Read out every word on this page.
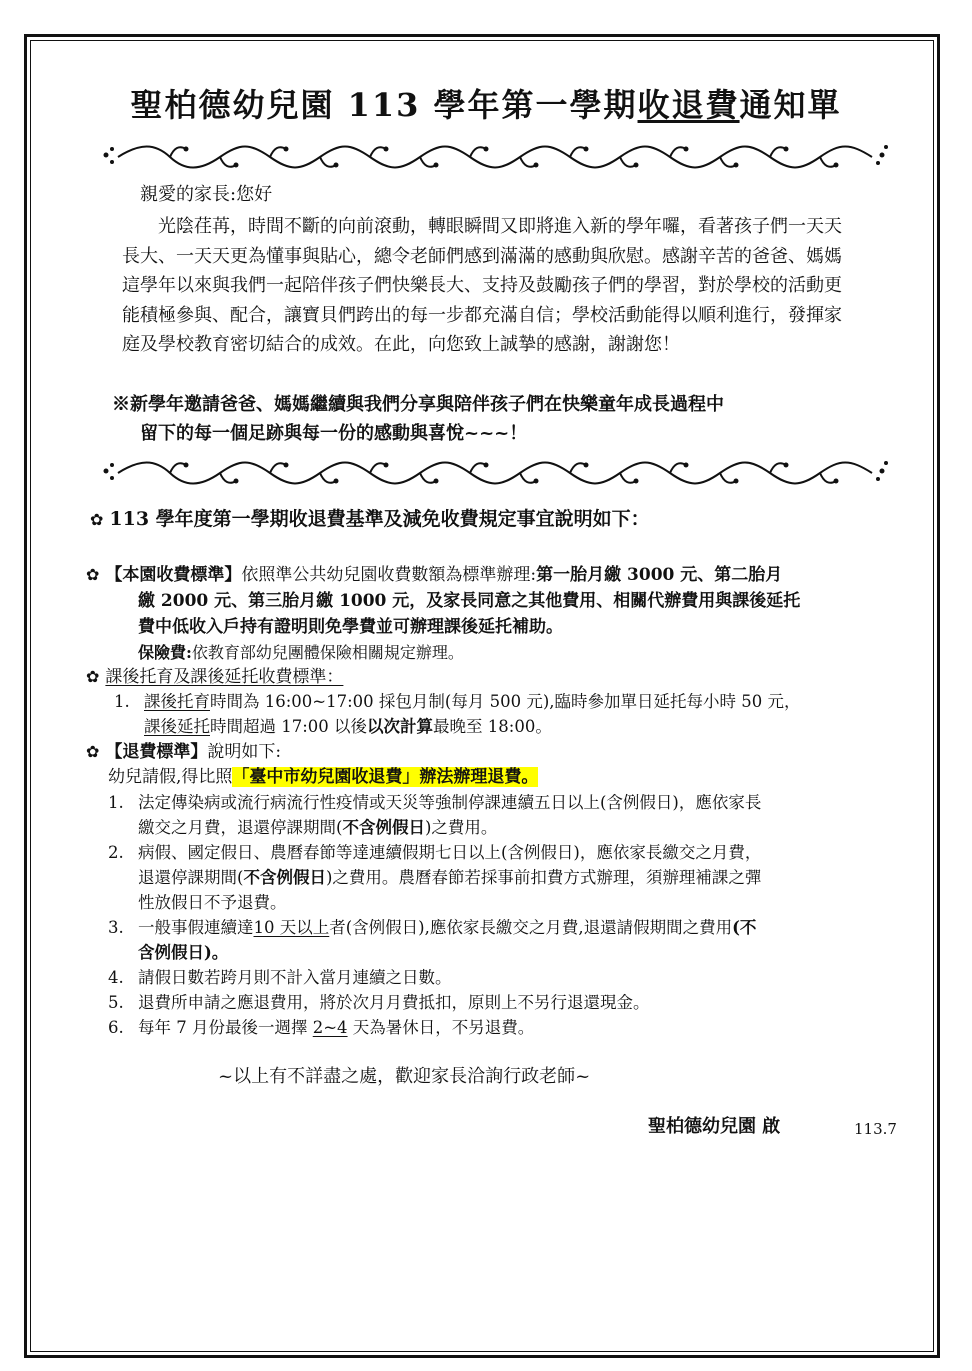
聖柏德幼兒園 113 學年第一學期收退費通知單
親愛的家長:您好
光陰荏苒，時間不斷的向前滾動，轉眼瞬間又即將進入新的學年囉，看著孩子們一天天長大、一天天更為懂事與貼心，總令老師們感到滿滿的感動與欣慰。感謝辛苦的爸爸、媽媽這學年以來與我們一起陪伴孩子們快樂長大、支持及鼓勵孩子們的學習，對於學校的活動更能積極參與、配合，讓寶貝們跨出的每一步都充滿自信；學校活動能得以順利進行，發揮家庭及學校教育密切結合的成效。在此，向您致上誠摯的感謝，謝謝您！
※新學年邀請爸爸、媽媽繼續與我們分享與陪伴孩子們在快樂童年成長過程中
留下的每一個足跡與每一份的感動與喜悅~~~！
✿ 113 學年度第一學期收退費基準及減免收費規定事宜說明如下：
✿ 【本園收費標準】依照準公共幼兒園收費數額為標準辦理:第一胎月繳 3000 元、第二胎月
繳 2000 元、第三胎月繳 1000 元，及家長同意之其他費用、相關代辦費用與課後延托
費中低收入戶持有證明則免學費並可辦理課後延托補助。
保險費:依教育部幼兒團體保險相關規定辦理。
✿ 課後托育及課後延托收費標準：
1. 課後托育時間為 16:00~17:00 採包月制(每月 500 元),臨時參加單日延托每小時 50 元，
課後延托時間超過 17:00 以後以次計算最晚至 18:00。
✿ 【退費標準】說明如下:
幼兒請假,得比照「臺中市幼兒園收退費」辦法辦理退費。
1. 法定傳染病或流行病流行性疫情或天災等強制停課連續五日以上(含例假日)，應依家長
繳交之月費，退還停課期間(不含例假日)之費用。
2. 病假、國定假日、農曆春節等達連續假期七日以上(含例假日)，應依家長繳交之月費，
退還停課期間(不含例假日)之費用。農曆春節若採事前扣費方式辦理，須辦理補課之彈
性放假日不予退費。
3. 一般事假連續達10 天以上者(含例假日),應依家長繳交之月費,退還請假期間之費用(不
含例假日)。
4. 請假日數若跨月則不計入當月連續之日數。
5. 退費所申請之應退費用，將於次月月費抵扣，原則上不另行退還現金。
6. 每年 7 月份最後一週擇 2~4 天為暑休日，不另退費。
~以上有不詳盡之處，歡迎家長洽詢行政老師~
聖柏德幼兒園 啟	113.7
